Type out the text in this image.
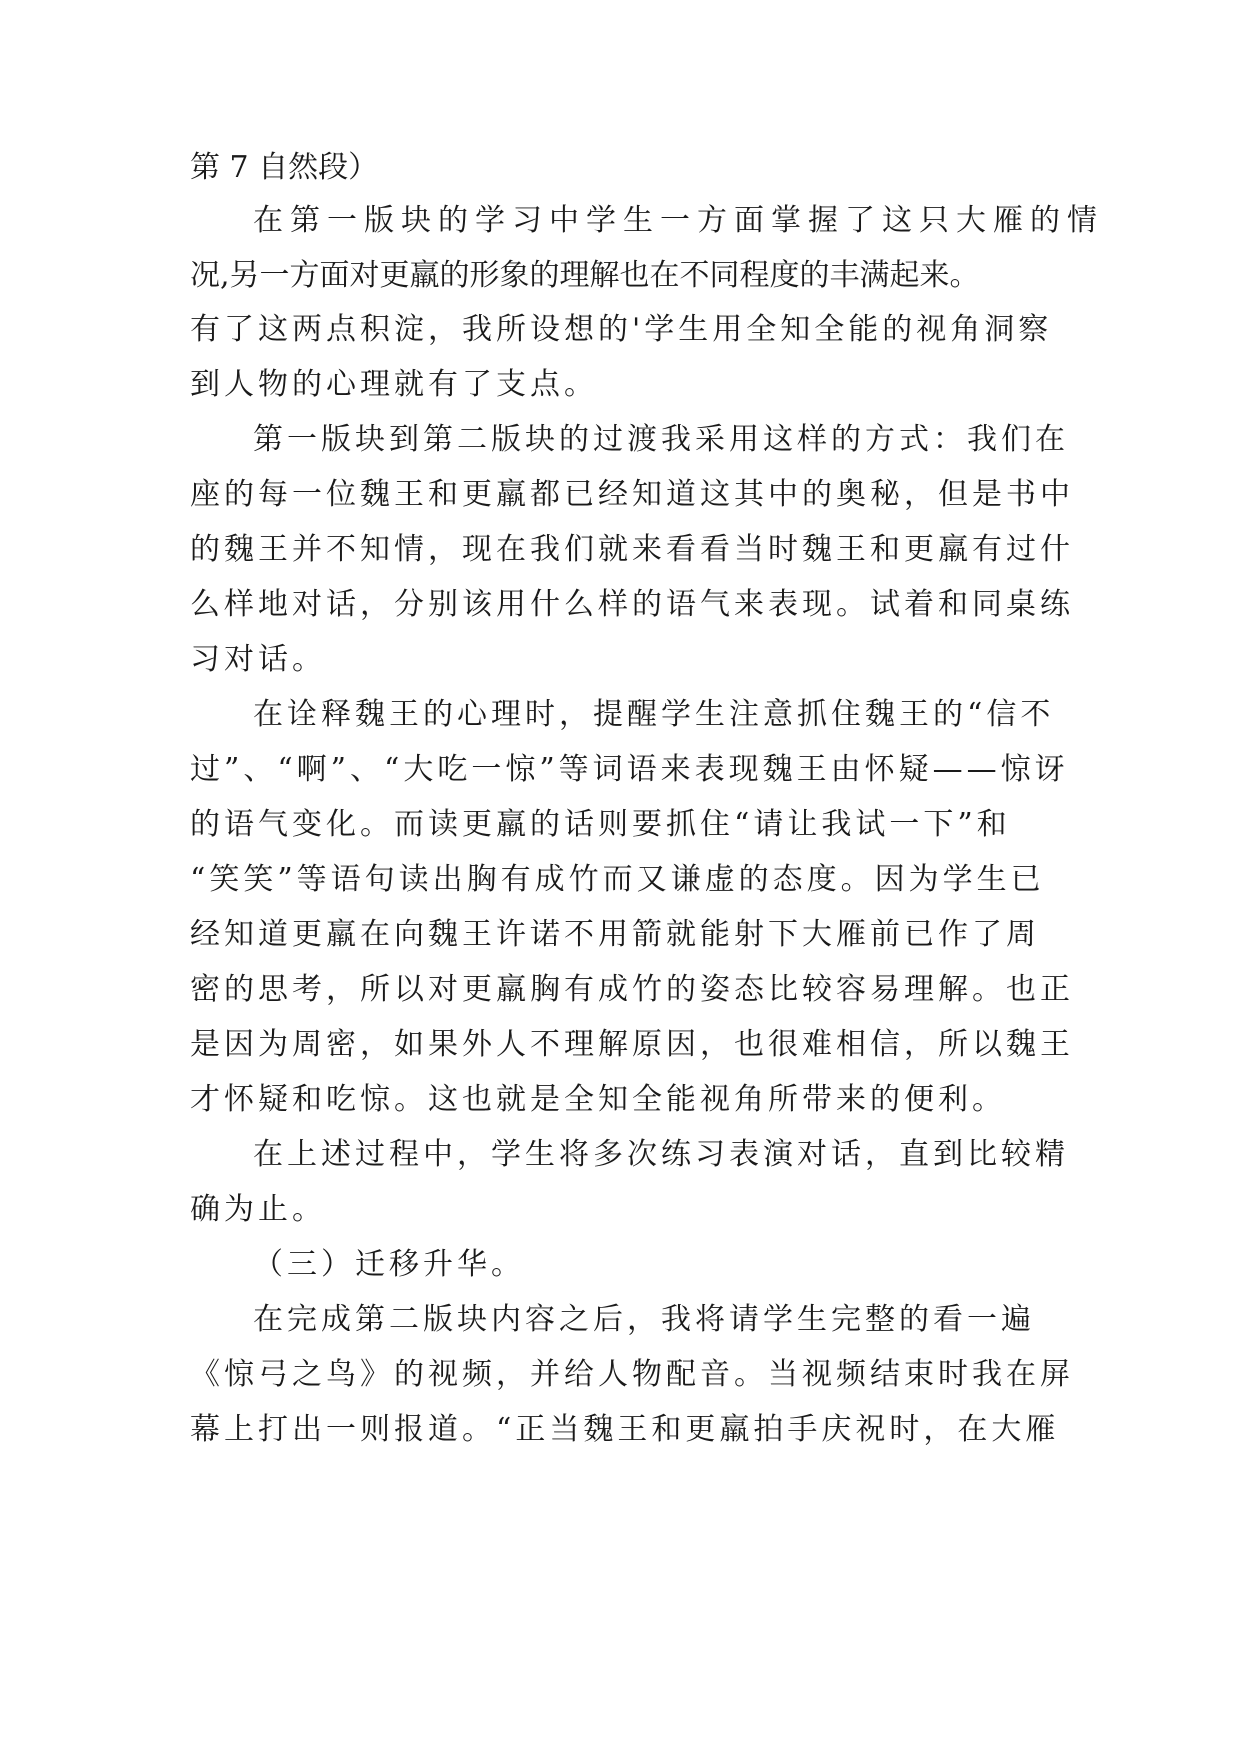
第 7 自然段）
在第一版块的学习中学生一方面掌握了这只大雁的情
况,另一方面对更羸的形象的理解也在不同程度的丰满起来。
有了这两点积淀，我所设想的'学生用全知全能的视角洞察
到人物的心理就有了支点。
第一版块到第二版块的过渡我采用这样的方式：我们在
座的每一位魏王和更羸都已经知道这其中的奥秘，但是书中
的魏王并不知情，现在我们就来看看当时魏王和更羸有过什
么样地对话，分别该用什么样的语气来表现。试着和同桌练
习对话。
在诠释魏王的心理时，提醒学生注意抓住魏王的“信不
过”、“啊”、“大吃一惊”等词语来表现魏王由怀疑——惊讶
的语气变化。而读更羸的话则要抓住“请让我试一下”和
“笑笑”等语句读出胸有成竹而又谦虚的态度。因为学生已
经知道更羸在向魏王许诺不用箭就能射下大雁前已作了周
密的思考，所以对更羸胸有成竹的姿态比较容易理解。也正
是因为周密，如果外人不理解原因，也很难相信，所以魏王
才怀疑和吃惊。这也就是全知全能视角所带来的便利。
在上述过程中，学生将多次练习表演对话，直到比较精
确为止。
（三）迁移升华。
在完成第二版块内容之后，我将请学生完整的看一遍
《惊弓之鸟》的视频，并给人物配音。当视频结束时我在屏
幕上打出一则报道。“正当魏王和更羸拍手庆祝时，在大雁
